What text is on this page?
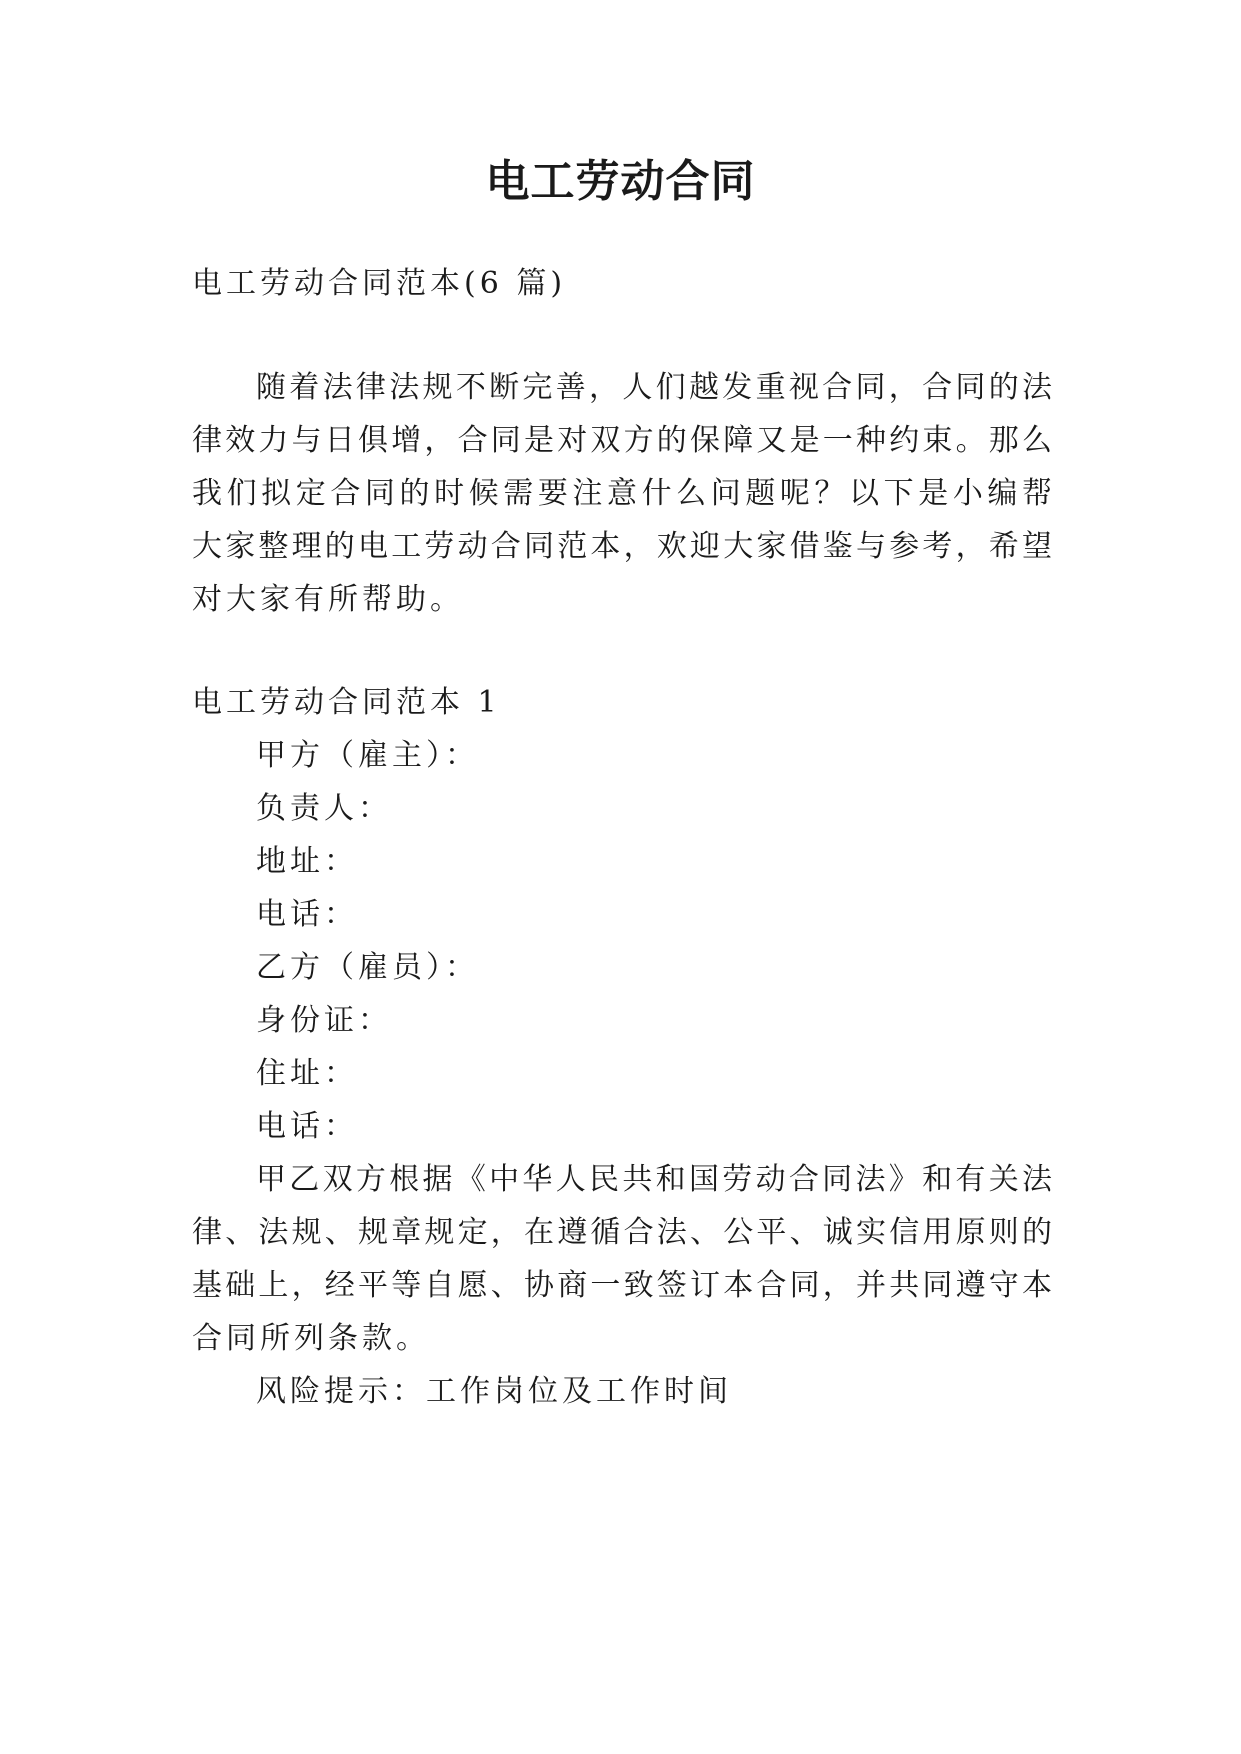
电工劳动合同
电工劳动合同范本(6 篇)
随着法律法规不断完善，人们越发重视合同，合同的法
律效力与日俱增，合同是对双方的保障又是一种约束。那么
我们拟定合同的时候需要注意什么问题呢？以下是小编帮
大家整理的电工劳动合同范本，欢迎大家借鉴与参考，希望
对大家有所帮助。
电工劳动合同范本 1
甲方（雇主）：
负责人：
地址：
电话：
乙方（雇员）：
身份证：
住址：
电话：
甲乙双方根据《中华人民共和国劳动合同法》和有关法
律、法规、规章规定，在遵循合法、公平、诚实信用原则的
基础上，经平等自愿、协商一致签订本合同，并共同遵守本
合同所列条款。
风险提示：工作岗位及工作时间
